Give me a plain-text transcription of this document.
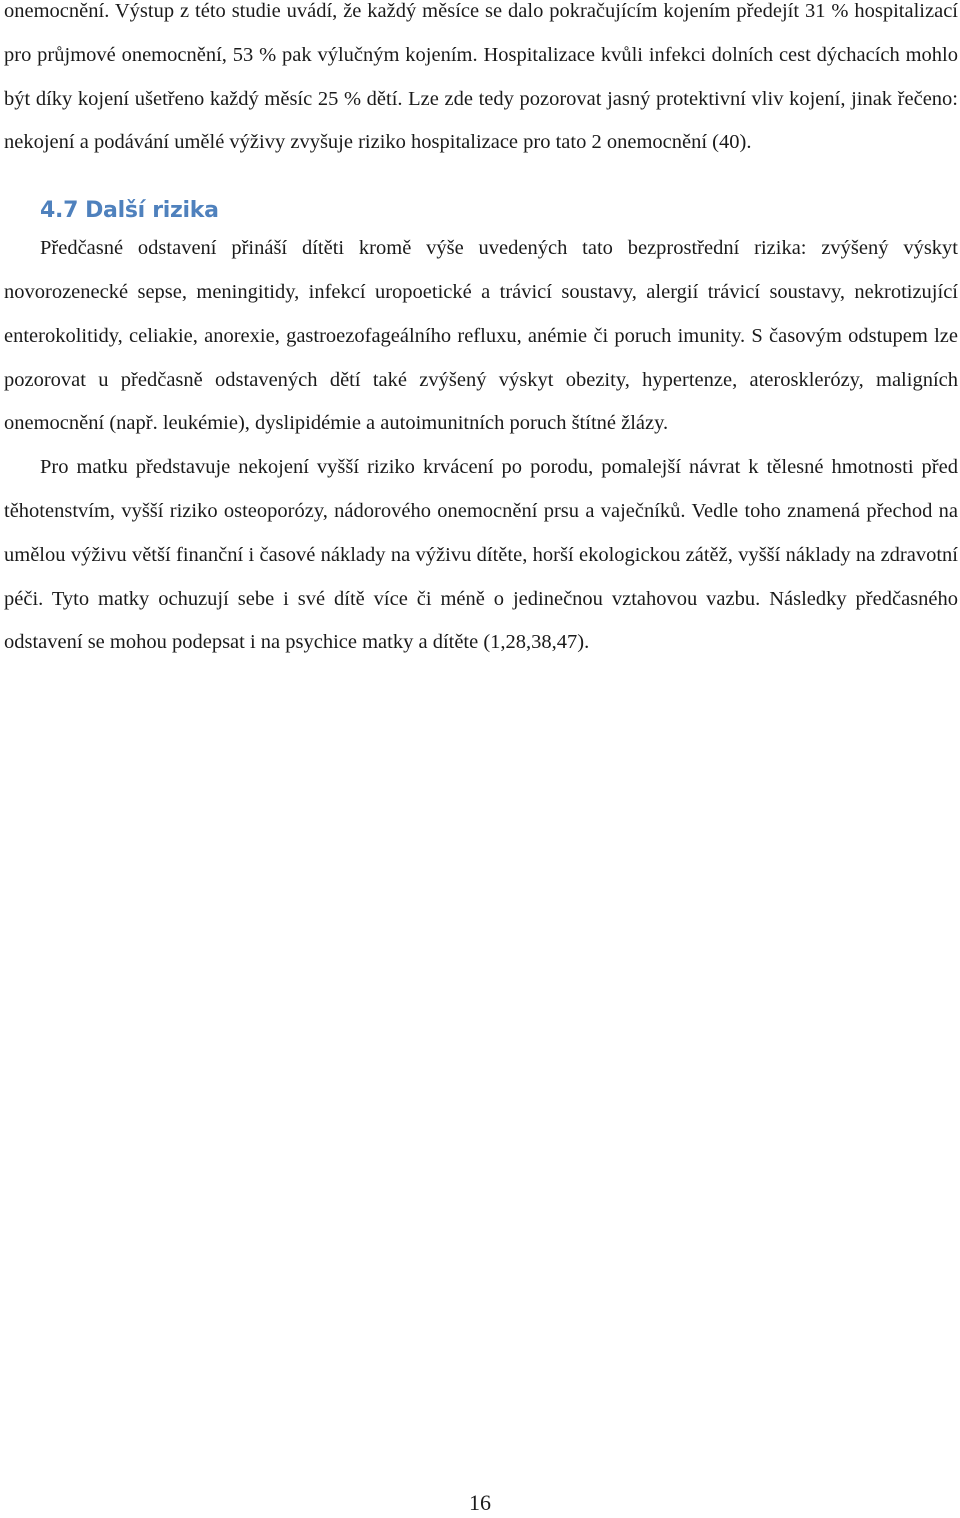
onemocnění. Výstup z této studie uvádí, že každý měsíce se dalo pokračujícím kojením předejít 31 % hospitalizací pro průjmové onemocnění, 53 % pak výlučným kojením. Hospitalizace kvůli infekci dolních cest dýchacích mohlo být díky kojení ušetřeno každý měsíc 25 % dětí. Lze zde tedy pozorovat jasný protektivní vliv kojení, jinak řečeno: nekojení a podávání umělé výživy zvyšuje riziko hospitalizace pro tato 2 onemocnění (40).

4.7 Další rizika

Předčasné odstavení přináší dítěti kromě výše uvedených tato bezprostřední rizika: zvýšený výskyt novorozenecké sepse, meningitidy, infekcí uropoetické a trávicí soustavy, alergií trávicí soustavy, nekrotizující enterokolitidy, celiakie, anorexie, gastroezofageálního refluxu, anémie či poruch imunity. S časovým odstupem lze pozorovat u předčasně odstavených dětí také zvýšený výskyt obezity, hypertenze, aterosklerózy, maligních onemocnění (např. leukémie), dyslipidémie a autoimunitních poruch štítné žlázy.

Pro matku představuje nekojení vyšší riziko krvácení po porodu, pomalejší návrat k tělesné hmotnosti před těhotenstvím, vyšší riziko osteoporózy, nádorového onemocnění prsu a vaječníků. Vedle toho znamená přechod na umělou výživu větší finanční i časové náklady na výživu dítěte, horší ekologickou zátěž, vyšší náklady na zdravotní péči. Tyto matky ochuzují sebe i své dítě více či méně o jedinečnou vztahovou vazbu. Následky předčasného odstavení se mohou podepsat i na psychice matky a dítěte (1,28,38,47).

16
